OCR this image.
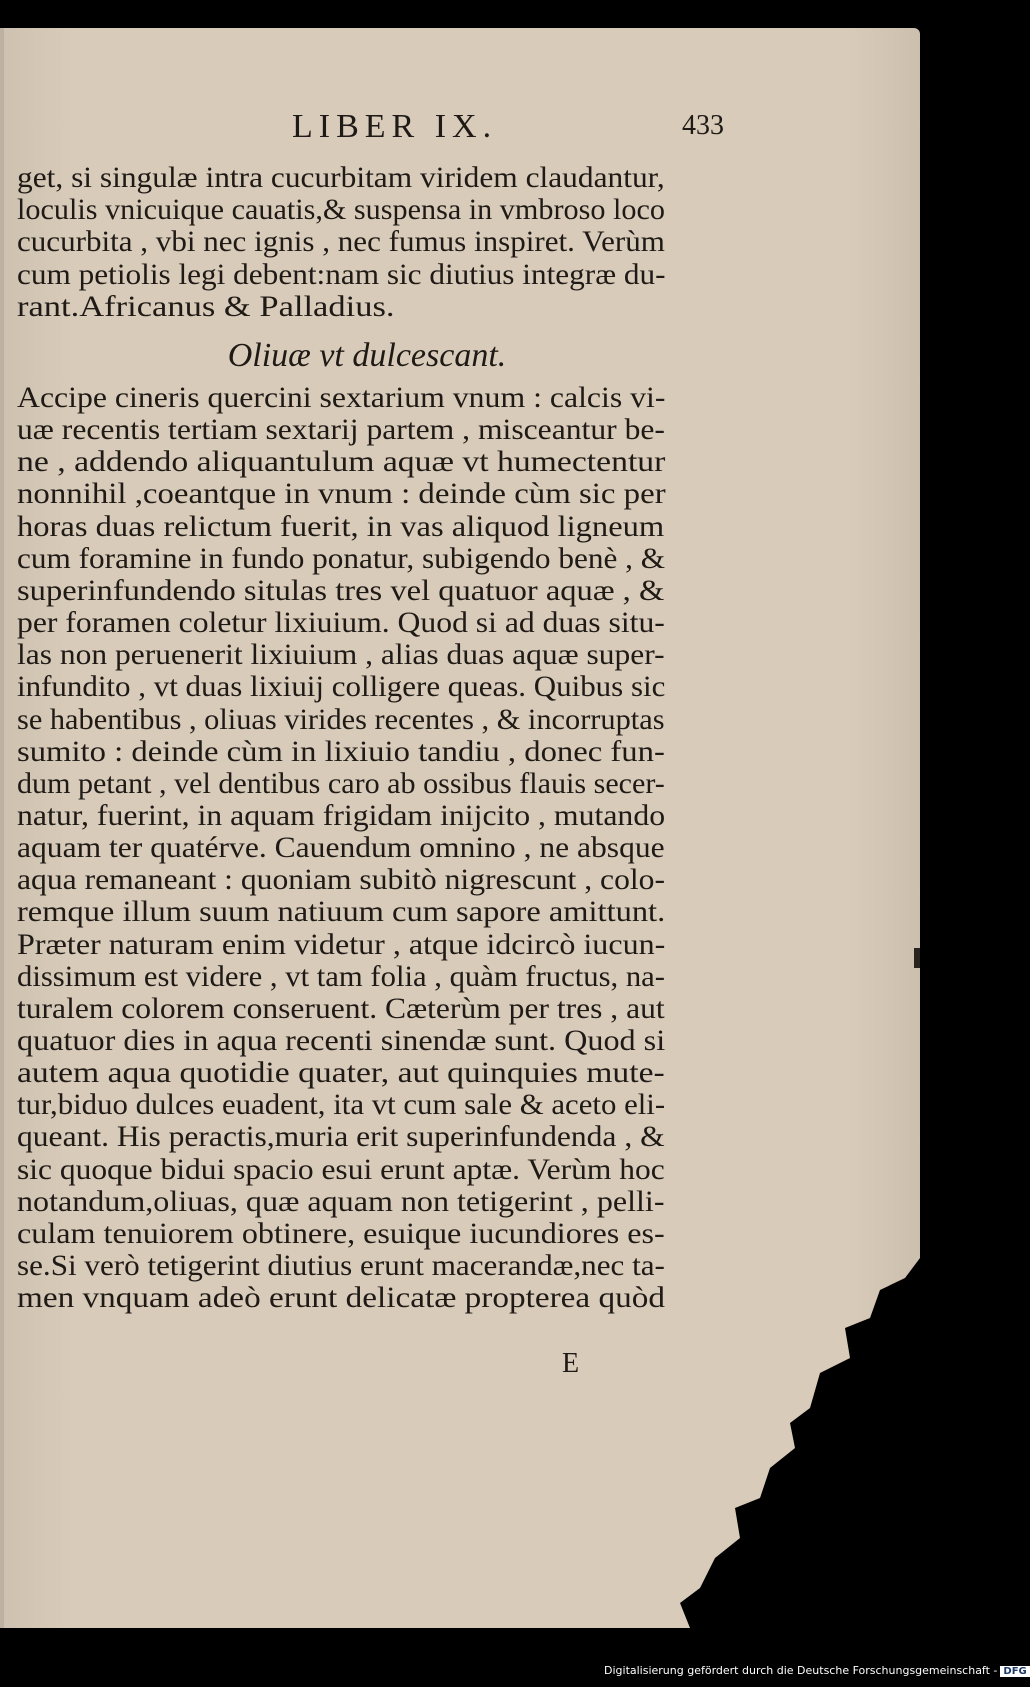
LIBER IX.	433
get, si singulæ intra cucurbitam viridem claudantur,
loculis vnicuique cauatis,& suspensa in vmbroso loco
cucurbita , vbi nec ignis , nec fumus inspiret. Verùm
cum petiolis legi debent:nam sic diutius integræ du-
rant.Africanus & Palladius.
Oliuæ vt dulcescant.
Accipe cineris quercini sextarium vnum : calcis vi-
uæ recentis tertiam sextarij partem , misceantur be-
ne , addendo aliquantulum aquæ vt humectentur
nonnihil ,coeantque in vnum : deinde cùm sic per
horas duas relictum fuerit, in vas aliquod ligneum
cum foramine in fundo ponatur, subigendo benè , &
superinfundendo situlas tres vel quatuor aquæ , &
per foramen coletur lixiuium. Quod si ad duas situ-
las non peruenerit lixiuium , alias duas aquæ super-
infundito , vt duas lixiuij colligere queas. Quibus sic
se habentibus , oliuas virides recentes , & incorruptas
sumito : deinde cùm in lixiuio tandiu , donec fun-
dum petant , vel dentibus caro ab ossibus flauis secer-
natur, fuerint, in aquam frigidam inijcito , mutando
aquam ter quatérve. Cauendum omnino , ne absque
aqua remaneant : quoniam subitò nigrescunt , colo-
remque illum suum natiuum cum sapore amittunt.
Præter naturam enim videtur , atque idcircò iucun-
dissimum est videre , vt tam folia , quàm fructus, na-
turalem colorem conseruent. Cæterùm per tres , aut
quatuor dies in aqua recenti sinendæ sunt. Quod si
autem aqua quotidie quater, aut quinquies mute-
tur,biduo dulces euadent, ita vt cum sale & aceto eli-
queant. His peractis,muria erit superinfundenda , &
sic quoque bidui spacio esui erunt aptæ. Verùm hoc
notandum,oliuas, quæ aquam non tetigerint , pelli-
culam tenuiorem obtinere, esuique iucundiores es-
se.Si verò tetigerint diutius erunt macerandæ,nec ta-
men vnquam adeò erunt delicatæ propterea quòd
E
Digitalisierung gefördert durch die Deutsche Forschungsgemeinschaft - DFG
